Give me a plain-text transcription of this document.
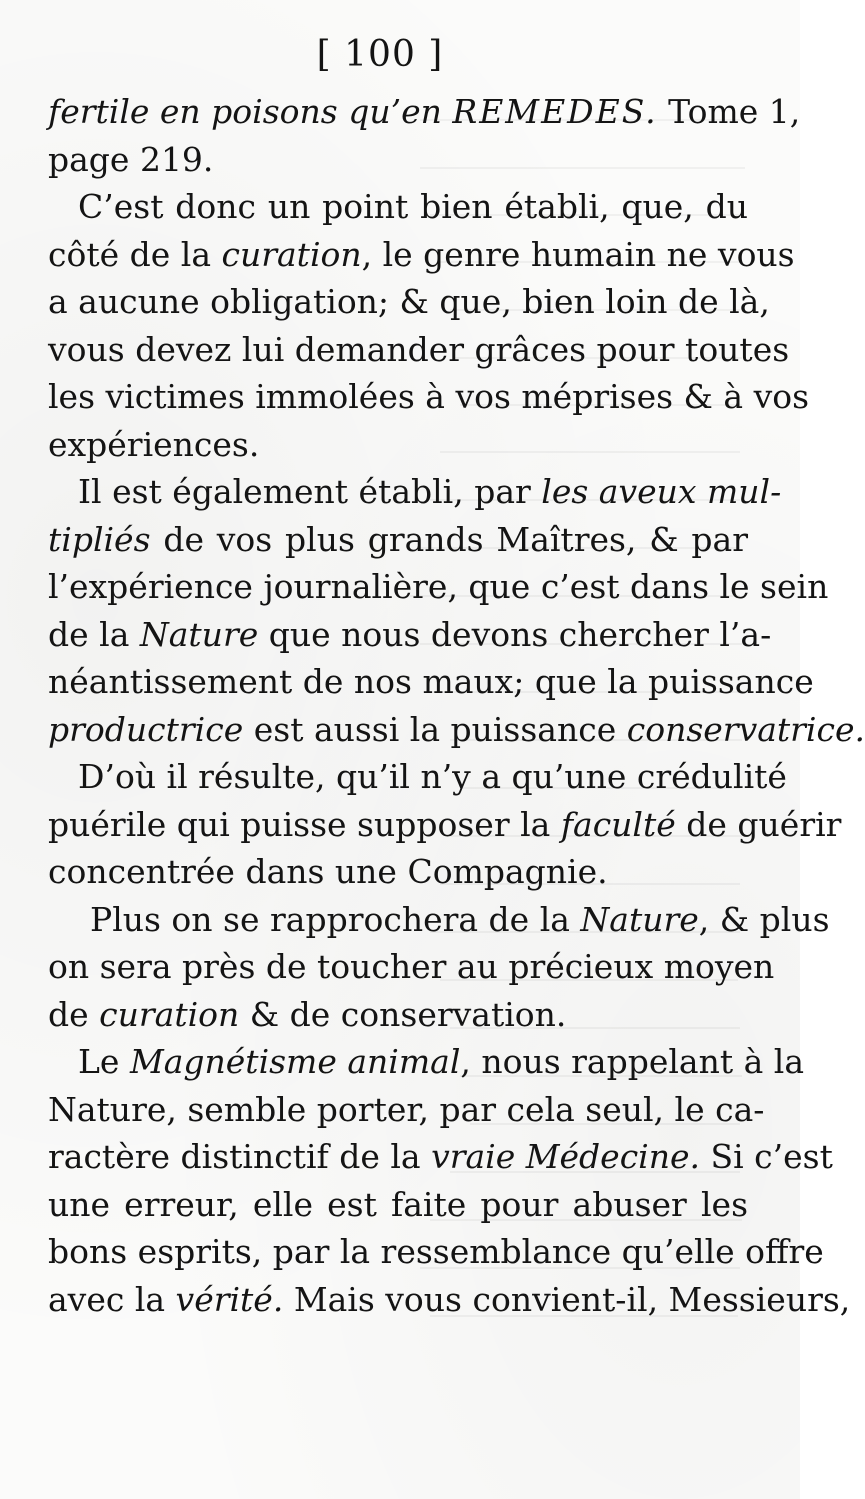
[ 100 ]
fertile en poisons qu’en REMEDES. Tome 1,
page 219.
C’est donc un point bien établi, que, du
côté de la curation, le genre humain ne vous
a aucune obligation; & que, bien loin de là,
vous devez lui demander grâces pour toutes
les victimes immolées à vos méprises & à vos
expériences.
Il est également établi, par les aveux mul-
tipliés de vos plus grands Maîtres, & par
l’expérience journalière, que c’est dans le sein
de la Nature que nous devons chercher l’a-
néantissement de nos maux; que la puissance
productrice est aussi la puissance conservatrice.
D’où il résulte, qu’il n’y a qu’une crédulité
puérile qui puisse supposer la faculté de guérir
concentrée dans une Compagnie.
Plus on se rapprochera de la Nature, & plus
on sera près de toucher au précieux moyen
de curation & de conservation.
Le Magnétisme animal, nous rappelant à la
Nature, semble porter, par cela seul, le ca-
ractère distinctif de la vraie Médecine. Si c’est
une erreur, elle est faite pour abuser les
bons esprits, par la ressemblance qu’elle offre
avec la vérité. Mais vous convient-il, Messieurs,
